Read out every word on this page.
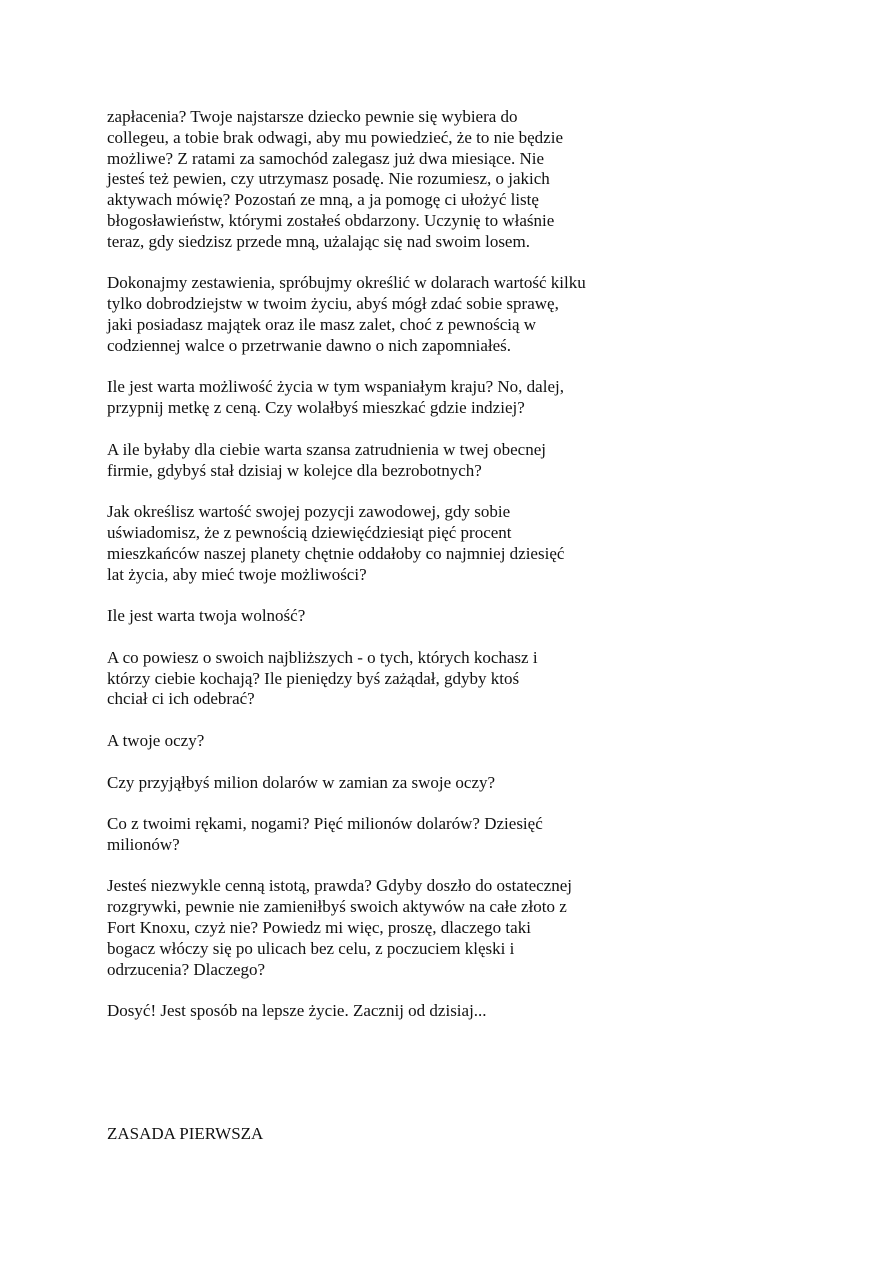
zapłacenia? Twoje najstarsze dziecko pewnie się wybiera do
collegeu, a tobie brak odwagi, aby mu powiedzieć, że to nie będzie
możliwe? Z ratami za samochód zalegasz już dwa miesiące. Nie
jesteś też pewien, czy utrzymasz posadę. Nie rozumiesz, o jakich
aktywach mówię? Pozostań ze mną, a ja pomogę ci ułożyć listę
błogosławieństw, którymi zostałeś obdarzony. Uczynię to właśnie
teraz, gdy siedzisz przede mną, użalając się nad swoim losem.
Dokonajmy zestawienia, spróbujmy określić w dolarach wartość kilku
tylko dobrodziejstw w twoim życiu, abyś mógł zdać sobie sprawę,
jaki posiadasz majątek oraz ile masz zalet, choć z pewnością w
codziennej walce o przetrwanie dawno o nich zapomniałeś.
Ile jest warta możliwość życia w tym wspaniałym kraju? No, dalej,
przypnij metkę z ceną. Czy wolałbyś mieszkać gdzie indziej?
A ile byłaby dla ciebie warta szansa zatrudnienia w twej obecnej
firmie, gdybyś stał dzisiaj w kolejce dla bezrobotnych?
Jak określisz wartość swojej pozycji zawodowej, gdy sobie
uświadomisz, że z pewnością dziewięćdziesiąt pięć procent
mieszkańców naszej planety chętnie oddałoby co najmniej dziesięć
lat życia, aby mieć twoje możliwości?
Ile jest warta twoja wolność?
A co powiesz o swoich najbliższych - o tych, których kochasz i
którzy ciebie kochają? Ile pieniędzy byś zażądał, gdyby ktoś
chciał ci ich odebrać?
A twoje oczy?
Czy przyjąłbyś milion dolarów w zamian za swoje oczy?
Co z twoimi rękami, nogami? Pięć milionów dolarów? Dziesięć
milionów?
Jesteś niezwykle cenną istotą, prawda? Gdyby doszło do ostatecznej
rozgrywki, pewnie nie zamieniłbyś swoich aktywów na całe złoto z
Fort Knoxu, czyż nie? Powiedz mi więc, proszę, dlaczego taki
bogacz włóczy się po ulicach bez celu, z poczuciem klęski i
odrzucenia? Dlaczego?
Dosyć! Jest sposób na lepsze życie. Zacznij od dzisiaj...
ZASADA PIERWSZA
